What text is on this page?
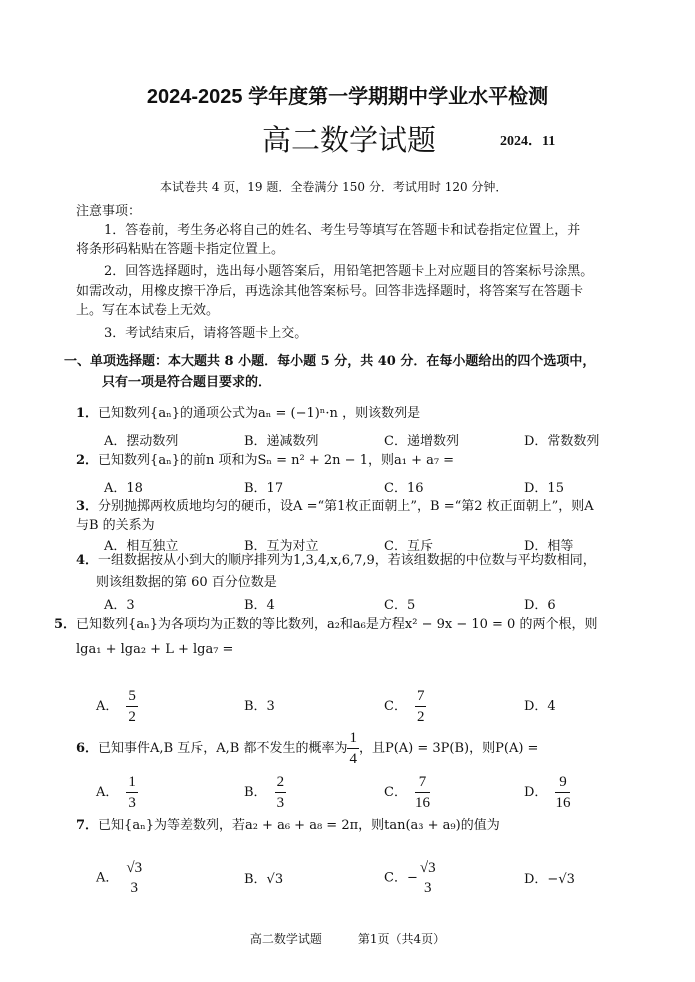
2024-2025 学年度第一学期期中学业水平检测
高二数学试题	2024．11
本试卷共 4 页，19 题．全卷满分 150 分．考试用时 120 分钟．
注意事项：
1．答卷前，考生务必将自己的姓名、考生号等填写在答题卡和试卷指定位置上，并
将条形码粘贴在答题卡指定位置上。
2．回答选择题时，选出每小题答案后，用铅笔把答题卡上对应题目的答案标号涂黑。
如需改动，用橡皮擦干净后，再选涂其他答案标号。回答非选择题时，将答案写在答题卡
上。写在本试卷上无效。
3．考试结束后，请将答题卡上交。
一、单项选择题：本大题共 8 小题．每小题 5 分，共 40 分．在每小题给出的四个选项中，
只有一项是符合题目要求的．
1．已知数列{aₙ}的通项公式为aₙ = (−1)ⁿ·n ，则该数列是
A．摆动数列	B．递减数列	C．递增数列	D．常数数列
2．已知数列{aₙ}的前n 项和为Sₙ = n² + 2n − 1，则a₁ + a₇ =
A．18	B．17	C．16	D．15
3．分别抛掷两枚质地均匀的硬币，设A =“第1枚正面朝上”，B =“第2 枚正面朝上”，则A
与B 的关系为
A．相互独立	B．互为对立	C．互斥	D．相等
4．一组数据按从小到大的顺序排列为1,3,4,x,6,7,9，若该组数据的中位数与平均数相同，
则该组数据的第 60 百分位数是
A．3	B．4	C．5	D．6
5．已知数列{aₙ}为各项均为正数的等比数列，a₂和a₆是方程x² − 9x − 10 = 0 的两个根，则
lga₁ + lga₂ + L + lga₇ =
A． $\frac{5}{2}$	B．3	C． $\frac{7}{2}$	D．4
6．已知事件A,B 互斥，A,B 都不发生的概率为 $\frac{1}{4}$ ，且P(A) = 3P(B)，则P(A) =
A． $\frac{1}{3}$	B． $\frac{2}{3}$	C． $\frac{7}{16}$	D． $\frac{9}{16}$
7．已知{aₙ}为等差数列，若a₂ + a₆ + a₈ = 2π，则tan(a₃ + a₉)的值为
A．
√3
3
B．√3	C．−
√3
3
D．−√3
高二数学试题	第1页（共4页）
